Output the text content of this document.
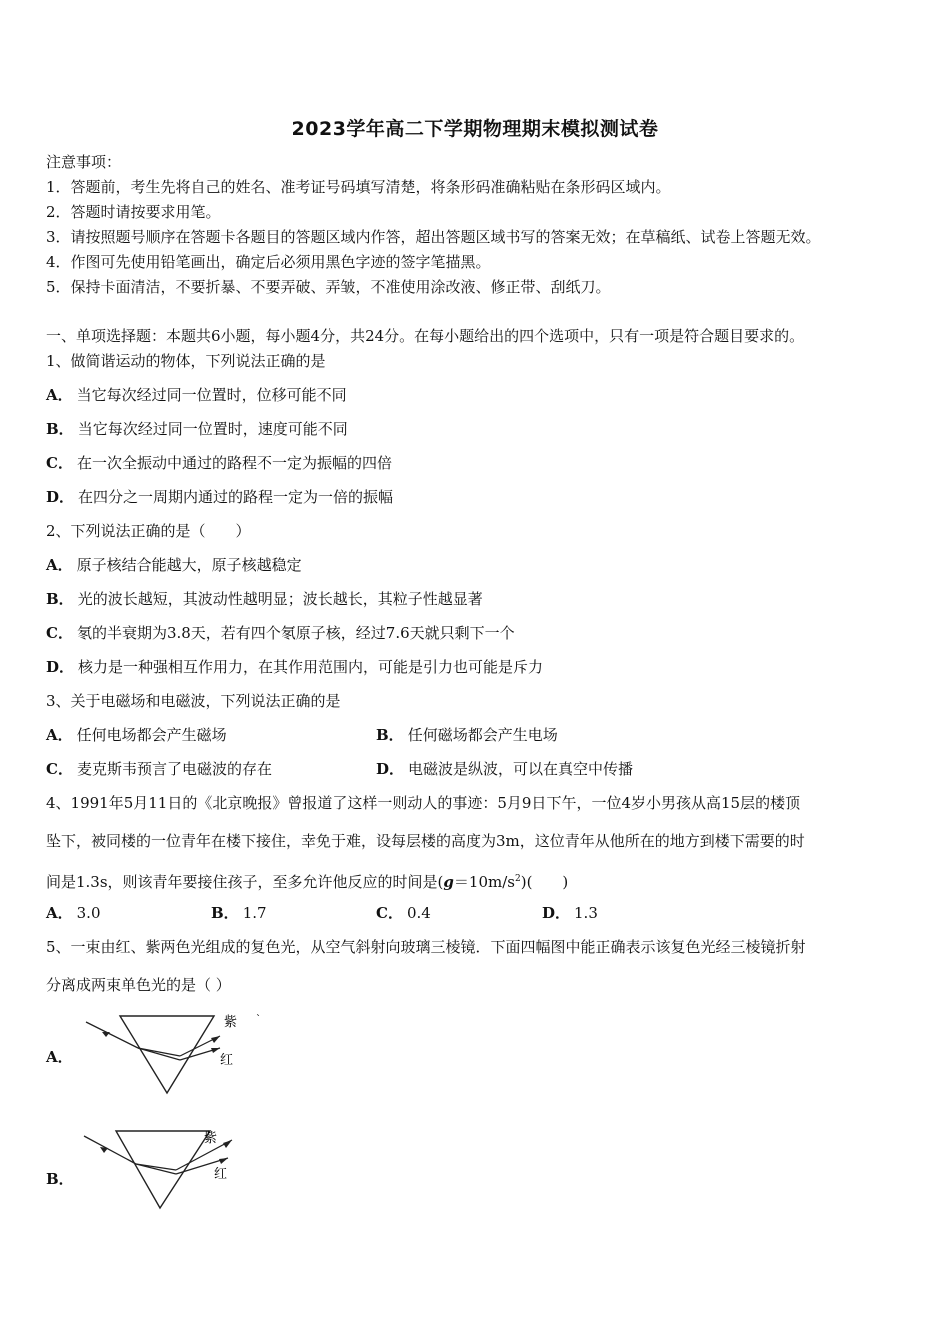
2023学年高二下学期物理期末模拟测试卷
注意事项：
1．答题前，考生先将自己的姓名、准考证号码填写清楚，将条形码准确粘贴在条形码区域内。
2．答题时请按要求用笔。
3．请按照题号顺序在答题卡各题目的答题区域内作答，超出答题区域书写的答案无效；在草稿纸、试卷上答题无效。
4．作图可先使用铅笔画出，确定后必须用黑色字迹的签字笔描黑。
5．保持卡面清洁，不要折暴、不要弄破、弄皱，不准使用涂改液、修正带、刮纸刀。
一、单项选择题：本题共6小题，每小题4分，共24分。在每小题给出的四个选项中，只有一项是符合题目要求的。
1、做简谐运动的物体，下列说法正确的是
A． 当它每次经过同一位置时，位移可能不同
B． 当它每次经过同一位置时，速度可能不同
C． 在一次全振动中通过的路程不一定为振幅的四倍
D． 在四分之一周期内通过的路程一定为一倍的振幅
2、下列说法正确的是（　　）
A． 原子核结合能越大，原子核越稳定
B． 光的波长越短，其波动性越明显；波长越长，其粒子性越显著
C． 氡的半衰期为3.8天，若有四个氡原子核，经过7.6天就只剩下一个
D． 核力是一种强相互作用力，在其作用范围内，可能是引力也可能是斥力
3、关于电磁场和电磁波，下列说法正确的是
A． 任何电场都会产生磁场	B． 任何磁场都会产生电场
C． 麦克斯韦预言了电磁波的存在	D． 电磁波是纵波，可以在真空中传播
4、1991年5月11日的《北京晚报》曾报道了这样一则动人的事迹：5月9日下午，一位4岁小男孩从高15层的楼顶
坠下，被同楼的一位青年在楼下接住，幸免于难，设每层楼的高度为3m，这位青年从他所在的地方到楼下需要的时
间是1.3s，则该青年要接住孩子，至多允许他反应的时间是$(g=10m/s^2)$(　　)
A． 3.0	B． 1.7	C． 0.4	D． 1.3
5、一束由红、紫两色光组成的复色光，从空气斜射向玻璃三棱镜．下面四幅图中能正确表示该复色光经三棱镜折射
分离成两束单色光的是（ ）
A．
紫
红
`
B．
紫
红
